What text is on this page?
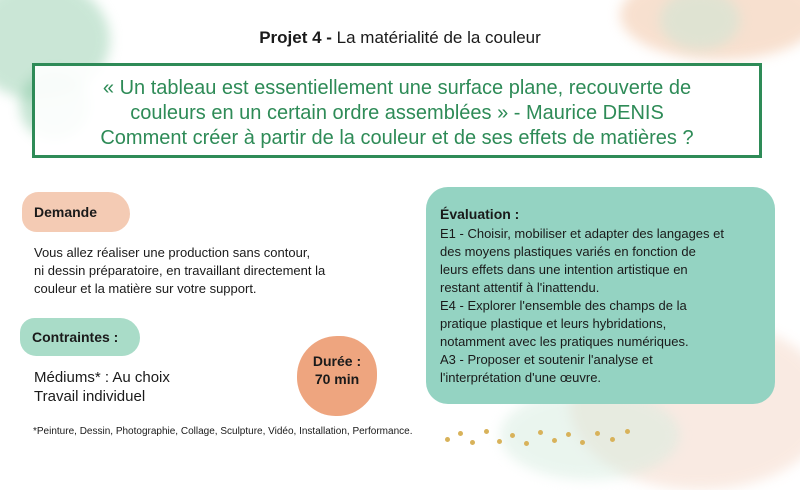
Projet 4 - La matérialité de la couleur
« Un tableau est essentiellement une surface plane, recouverte de
couleurs en un certain ordre assemblées » - Maurice DENIS
Comment créer à partir de la couleur et de ses effets de matières ?
Demande
Vous allez réaliser une production sans contour,
ni dessin préparatoire, en travaillant directement la
couleur et la matière sur votre support.
Contraintes :
Médiums* : Au choix
Travail individuel
Durée :
70 min
*Peinture, Dessin, Photographie, Collage, Sculpture, Vidéo, Installation, Performance.
Évaluation :
E1 - Choisir, mobiliser et adapter des langages et
des moyens plastiques variés en fonction de
leurs effets dans une intention artistique en
restant attentif à l'inattendu.
E4 - Explorer l'ensemble des champs de la
pratique plastique et leurs hybridations,
notamment avec les pratiques numériques.
A3 - Proposer et soutenir l'analyse et
l'interprétation d'une œuvre.
